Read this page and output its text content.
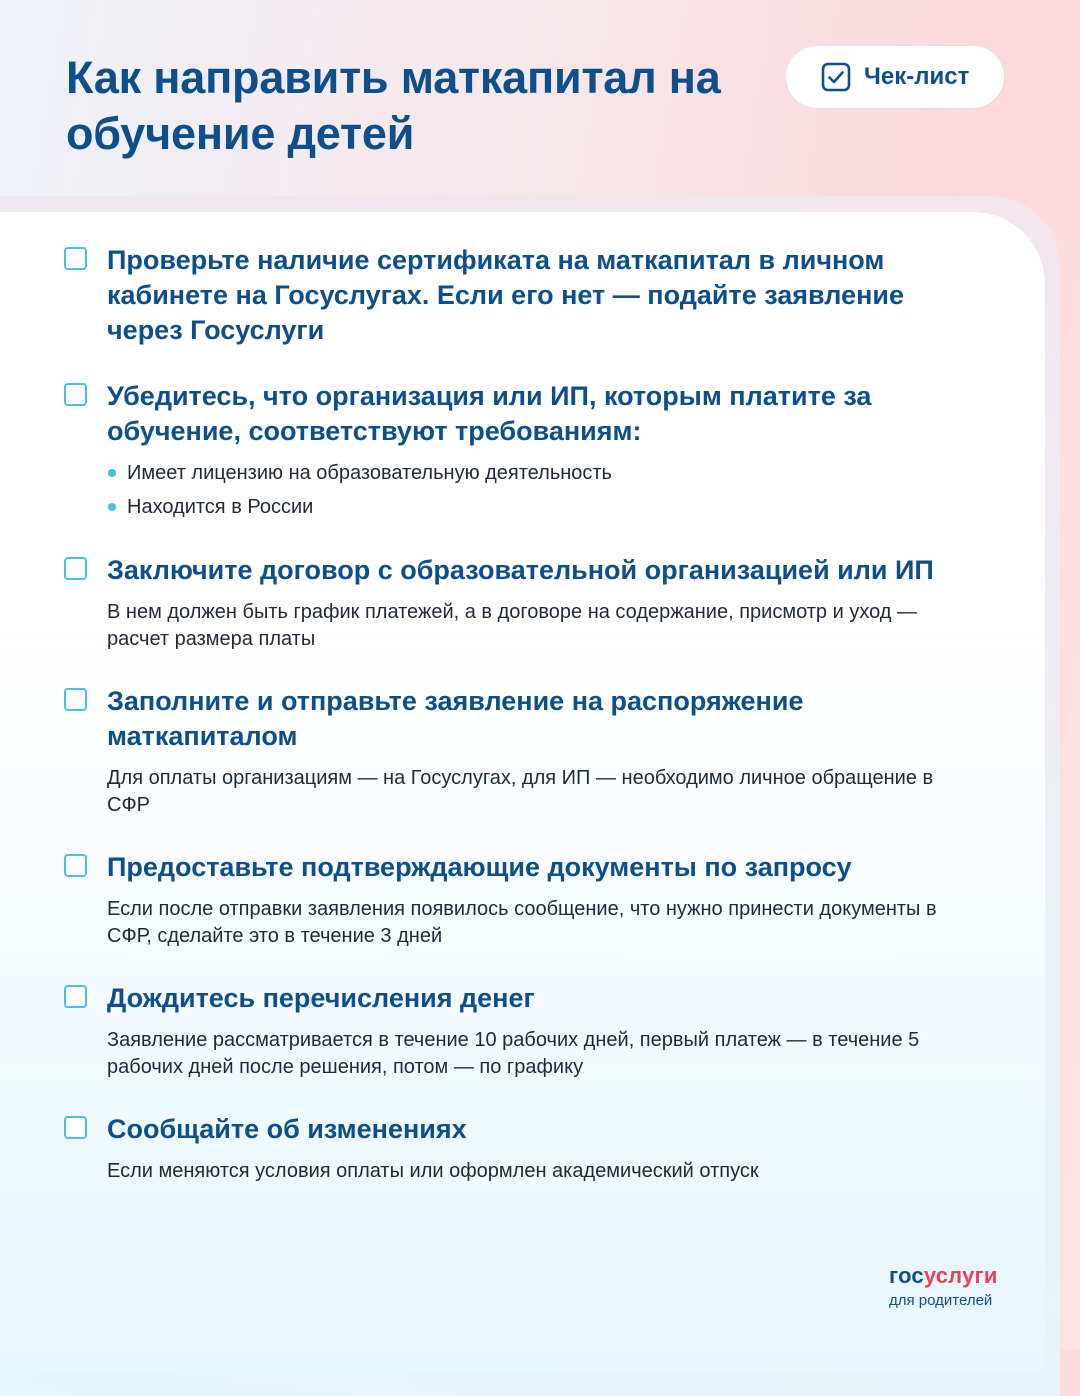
Как направить маткапитал на обучение детей
Чек-лист

Проверьте наличие сертификата на маткапитал в личном кабинете на Госуслугах. Если его нет — подайте заявление через Госуслуги

Убедитесь, что организация или ИП, которым платите за обучение, соответствуют требованиям:

Имеет лицензию на образовательную деятельность
Находится в России

Заключите договор с образовательной организацией или ИП

В нем должен быть график платежей, а в договоре на содержание, присмотр и уход — расчет размера платы

Заполните и отправьте заявление на распоряжение маткапиталом

Для оплаты организациям — на Госуслугах, для ИП — необходимо личное обращение в СФР

Предоставьте подтверждающие документы по запросу

Если после отправки заявления появилось сообщение, что нужно принести документы в СФР, сделайте это в течение 3 дней

Дождитесь перечисления денег

Заявление рассматривается в течение 10 рабочих дней, первый платеж — в течение 5 рабочих дней после решения, потом — по графику

Сообщайте об изменениях

Если меняются условия оплаты или оформлен академический отпуск

госуслуги
для родителей
